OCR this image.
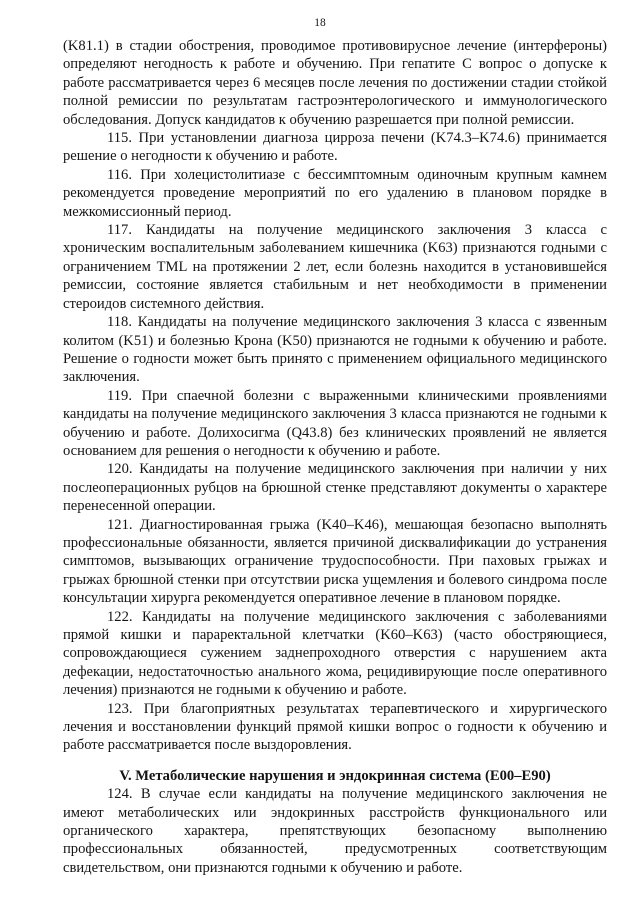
18

(K81.1) в стадии обострения, проводимое противовирусное лечение (интерфероны) определяют негодность к работе и обучению. При гепатите С вопрос о допуске к работе рассматривается через 6 месяцев после лечения по достижении стадии стойкой полной ремиссии по результатам гастроэнтерологического и иммунологического обследования. Допуск кандидатов к обучению разрешается при полной ремиссии.

115. При установлении диагноза цирроза печени (K74.3–K74.6) принимается решение о негодности к обучению и работе.

116. При холецистолитиазе с бессимптомным одиночным крупным камнем рекомендуется проведение мероприятий по его удалению в плановом порядке в межкомиссионный период.

117. Кандидаты на получение медицинского заключения 3 класса с хроническим воспалительным заболеванием кишечника (K63) признаются годными с ограничением TML на протяжении 2 лет, если болезнь находится в установившейся ремиссии, состояние является стабильным и нет необходимости в применении стероидов системного действия.

118. Кандидаты на получение медицинского заключения 3 класса с язвенным колитом (K51) и болезнью Крона (K50) признаются не годными к обучению и работе. Решение о годности может быть принято с применением официального медицинского заключения.

119. При спаечной болезни с выраженными клиническими проявлениями кандидаты на получение медицинского заключения 3 класса признаются не годными к обучению и работе. Долихосигма (Q43.8) без клинических проявлений не является основанием для решения о негодности к обучению и работе.

120. Кандидаты на получение медицинского заключения при наличии у них послеоперационных рубцов на брюшной стенке представляют документы о характере перенесенной операции.

121. Диагностированная грыжа (K40–K46), мешающая безопасно выполнять профессиональные обязанности, является причиной дисквалификации до устранения симптомов, вызывающих ограничение трудоспособности. При паховых грыжах и грыжах брюшной стенки при отсутствии риска ущемления и болевого синдрома после консультации хирурга рекомендуется оперативное лечение в плановом порядке.

122. Кандидаты на получение медицинского заключения с заболеваниями прямой кишки и параректальной клетчатки (K60–K63) (часто обостряющиеся, сопровождающиеся сужением заднепроходного отверстия с нарушением акта дефекации, недостаточностью анального жома, рецидивирующие после оперативного лечения) признаются не годными к обучению и работе.

123. При благоприятных результатах терапевтического и хирургического лечения и восстановлении функций прямой кишки вопрос о годности к обучению и работе рассматривается после выздоровления.

V. Метаболические нарушения и эндокринная система (E00–E90)

124. В случае если кандидаты на получение медицинского заключения не имеют метаболических или эндокринных расстройств функционального или органического характера, препятствующих безопасному выполнению профессиональных обязанностей, предусмотренных соответствующим свидетельством, они признаются годными к обучению и работе.
